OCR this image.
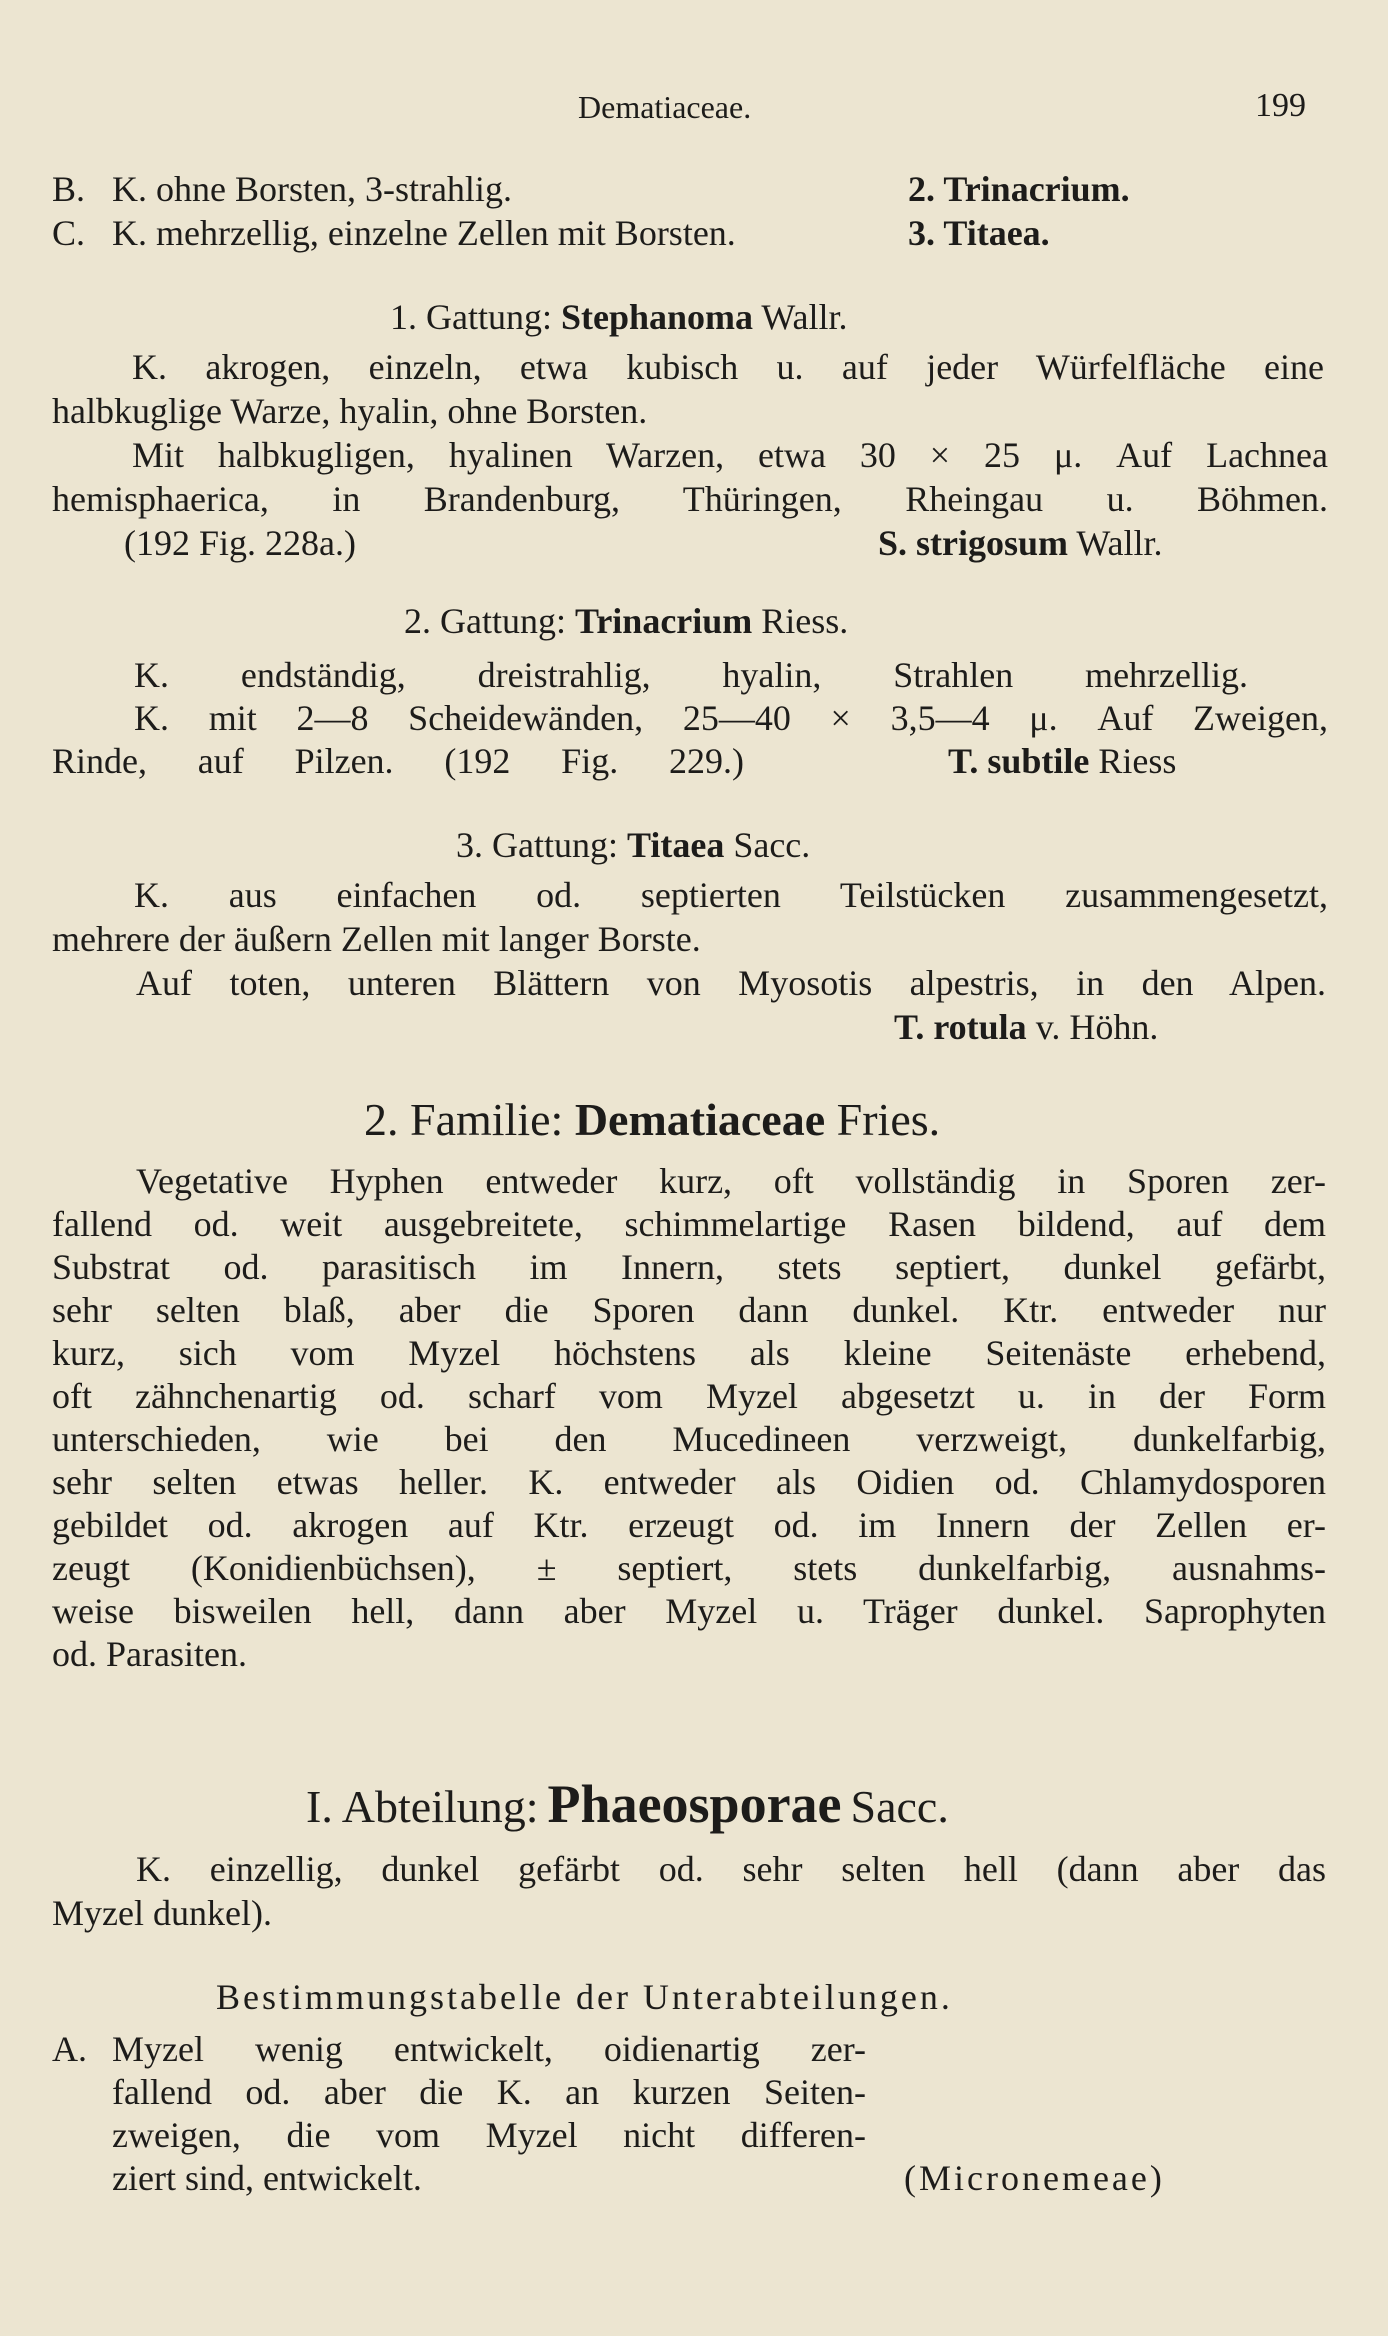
Dematiaceae.	199
B. K. ohne Borsten, 3-strahlig.	2. Trinacrium.
C. K. mehrzellig, einzelne Zellen mit Borsten.	3. Titaea.
1. Gattung: Stephanoma Wallr.
K. akrogen, einzeln, etwa kubisch u. auf jeder Würfelfläche eine
halbkuglige Warze, hyalin, ohne Borsten.
Mit halbkugligen, hyalinen Warzen, etwa 30 × 25 μ. Auf Lachnea
hemisphaerica, in Brandenburg, Thüringen, Rheingau u. Böhmen.
(192 Fig. 228a.)	S. strigosum Wallr.
2. Gattung: Trinacrium Riess.
K. endständig, dreistrahlig, hyalin, Strahlen mehrzellig.
K. mit 2—8 Scheidewänden, 25—40 × 3,5—4 μ. Auf Zweigen,
Rinde, auf Pilzen. (192 Fig. 229.)	T. subtile Riess
3. Gattung: Titaea Sacc.
K. aus einfachen od. septierten Teilstücken zusammengesetzt,
mehrere der äußern Zellen mit langer Borste.
Auf toten, unteren Blättern von Myosotis alpestris, in den Alpen.
T. rotula v. Höhn.
2. Familie: Dematiaceae Fries.
Vegetative Hyphen entweder kurz, oft vollständig in Sporen zer-
fallend od. weit ausgebreitete, schimmelartige Rasen bildend, auf dem
Substrat od. parasitisch im Innern, stets septiert, dunkel gefärbt,
sehr selten blaß, aber die Sporen dann dunkel. Ktr. entweder nur
kurz, sich vom Myzel höchstens als kleine Seitenäste erhebend,
oft zähnchenartig od. scharf vom Myzel abgesetzt u. in der Form
unterschieden, wie bei den Mucedineen verzweigt, dunkelfarbig,
sehr selten etwas heller. K. entweder als Oidien od. Chlamydosporen
gebildet od. akrogen auf Ktr. erzeugt od. im Innern der Zellen er-
zeugt (Konidienbüchsen), ± septiert, stets dunkelfarbig, ausnahms-
weise bisweilen hell, dann aber Myzel u. Träger dunkel. Saprophyten
od. Parasiten.
I. Abteilung: Phaeosporae Sacc.
K. einzellig, dunkel gefärbt od. sehr selten hell (dann aber das
Myzel dunkel).
Bestimmungstabelle der Unterabteilungen.
A. Myzel wenig entwickelt, oidienartig zer-
fallend od. aber die K. an kurzen Seiten-
zweigen, die vom Myzel nicht differen-
ziert sind, entwickelt.	(Micronemeae)
